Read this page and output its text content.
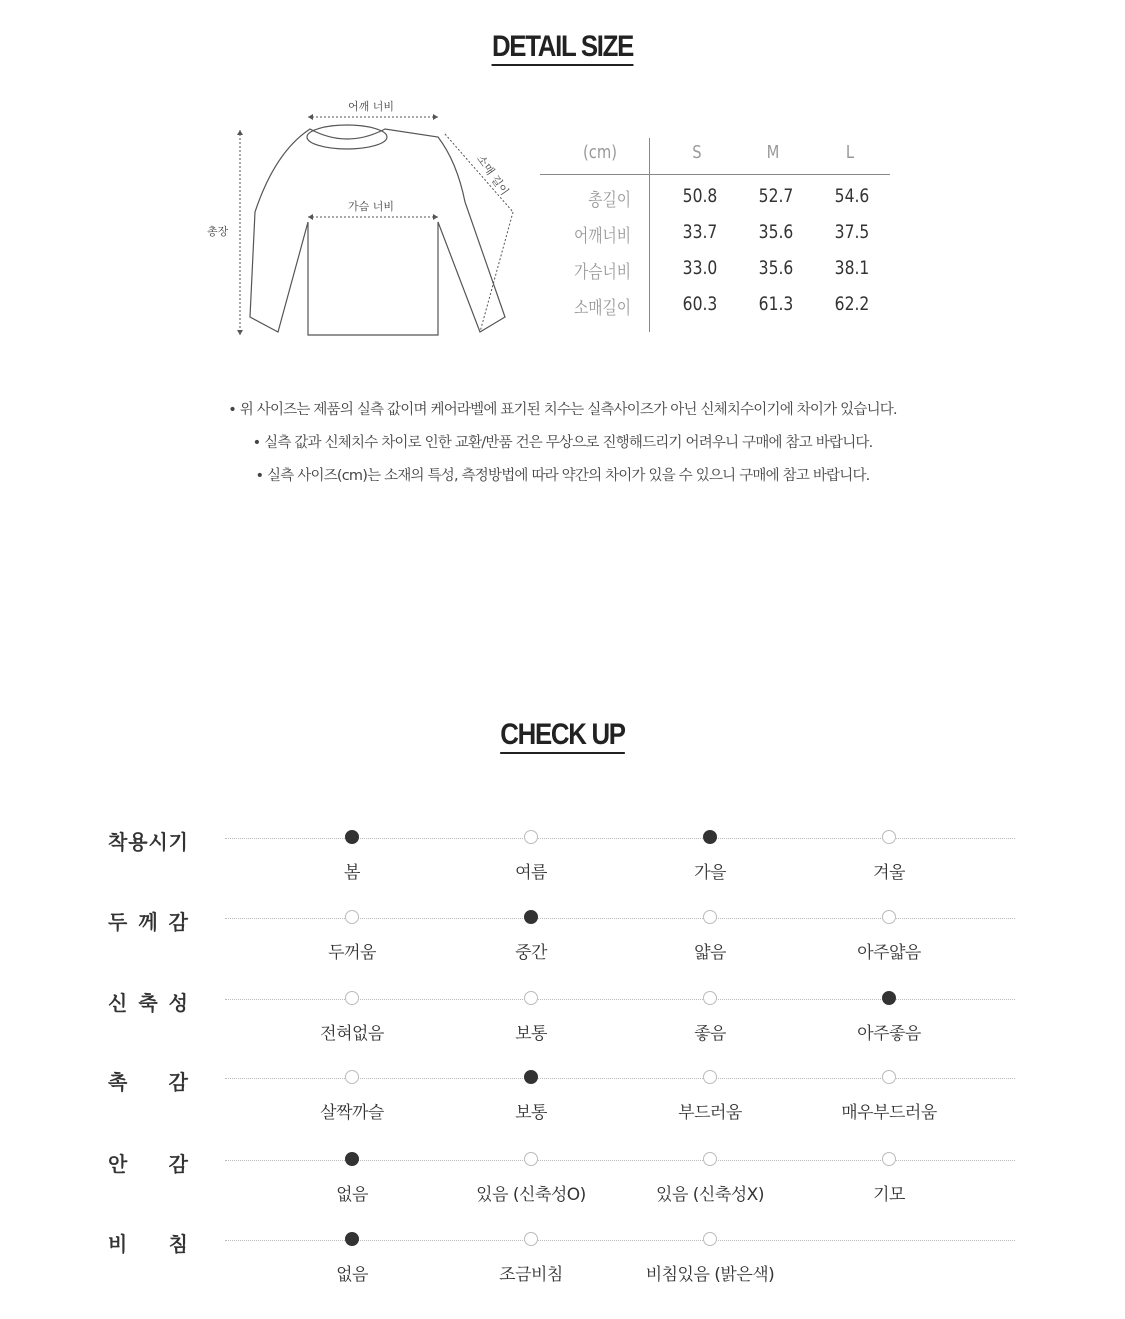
DETAIL SIZE
어깨 너비
가슴 너비
총장
소매 길이
(cm)	S	M	L
총길이	50.8	52.7	54.6
어깨너비	33.7	35.6	37.5
가슴너비	33.0	35.6	38.1
소매길이	60.3	61.3	62.2
• 위 사이즈는 제품의 실측 값이며 케어라벨에 표기된 치수는 실측사이즈가 아닌 신체치수이기에 차이가 있습니다.
• 실측 값과 신체치수 차이로 인한 교환/반품 건은 무상으로 진행해드리기 어려우니 구매에 참고 바랍니다.
• 실측 사이즈(cm)는 소재의 특성, 측정방법에 따라 약간의 차이가 있을 수 있으니 구매에 참고 바랍니다.
CHECK UP
착 용 시 기
봄	여름	가을	겨울
두 께 감
두꺼움	중간	얇음	아주얇음
신 축 성
전혀없음	보통	좋음	아주좋음
촉 감
살짝까슬	보통	부드러움	매우부드러움
안 감
없음	있음 (신축성O)	있음 (신축성X)	기모
비 침
없음	조금비침	비침있음 (밝은색)
